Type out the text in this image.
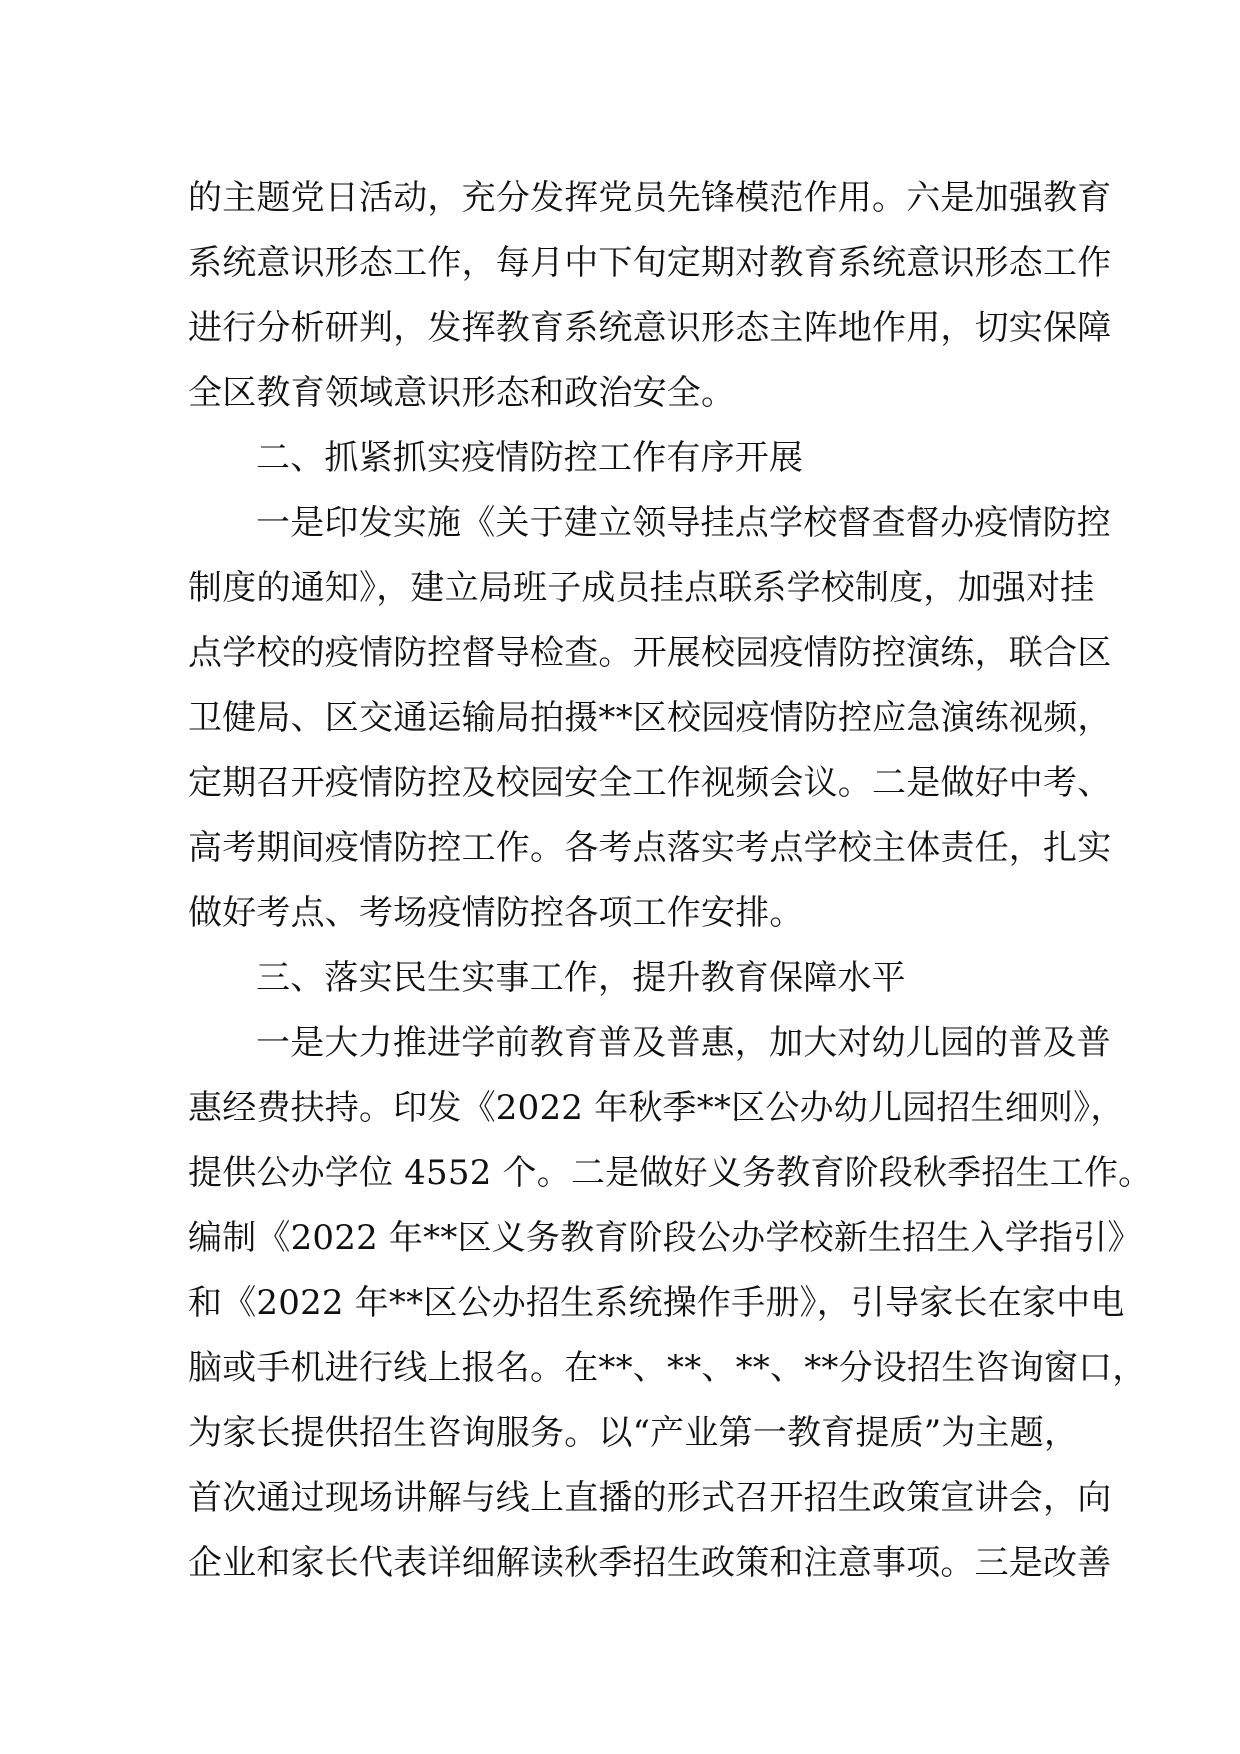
的主题党日活动，充分发挥党员先锋模范作用。六是加强教育
系统意识形态工作，每月中下旬定期对教育系统意识形态工作
进行分析研判，发挥教育系统意识形态主阵地作用，切实保障
全区教育领域意识形态和政治安全。
二、抓紧抓实疫情防控工作有序开展
一是印发实施《关于建立领导挂点学校督查督办疫情防控
制度的通知》，建立局班子成员挂点联系学校制度，加强对挂
点学校的疫情防控督导检查。开展校园疫情防控演练，联合区
卫健局、区交通运输局拍摄**区校园疫情防控应急演练视频，
定期召开疫情防控及校园安全工作视频会议。二是做好中考、
高考期间疫情防控工作。各考点落实考点学校主体责任，扎实
做好考点、考场疫情防控各项工作安排。
三、落实民生实事工作，提升教育保障水平
一是大力推进学前教育普及普惠，加大对幼儿园的普及普
惠经费扶持。印发《2022 年秋季**区公办幼儿园招生细则》，
提供公办学位 4552 个。二是做好义务教育阶段秋季招生工作。
编制《2022 年**区义务教育阶段公办学校新生招生入学指引》
和《2022 年**区公办招生系统操作手册》，引导家长在家中电
脑或手机进行线上报名。在**、**、**、**分设招生咨询窗口，
为家长提供招生咨询服务。以“产业第一教育提质”为主题，
首次通过现场讲解与线上直播的形式召开招生政策宣讲会，向
企业和家长代表详细解读秋季招生政策和注意事项。三是改善
